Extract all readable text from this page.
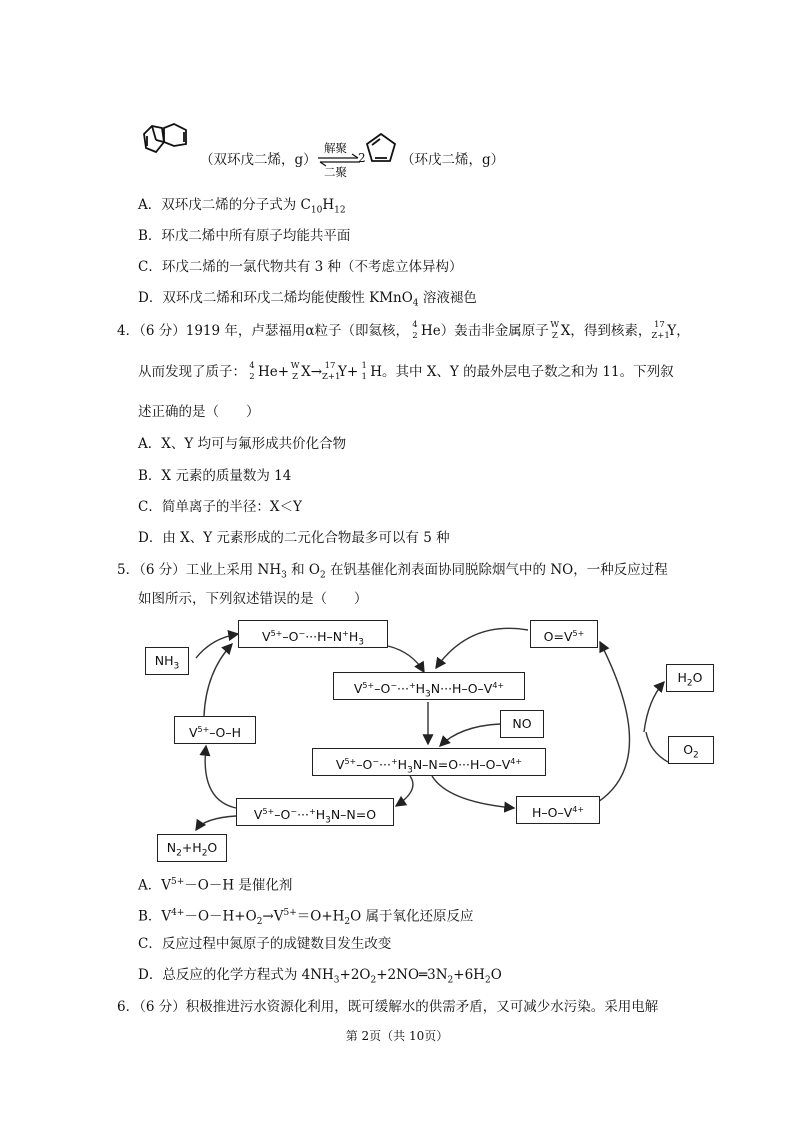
（双环戊二烯，g）
解聚
二聚
2	（环戊二烯，g）
A．双环戊二烯的分子式为 $C_{10}H_{12}$
B．环戊二烯中所有原子均能共平面
C．环戊二烯的一氯代物共有 3 种（不考虑立体异构）
D．双环戊二烯和环戊二烯均能使酸性 KMnO$_4$ 溶液褪色
4．（6 分）1919 年，卢瑟福用α粒子（即氦核， 4
2 He）轰击非金属原子 W
Z X，得到核素， 17
Z+1
Y，
从而发现了质子： 4
2 He+ W
Z X→ 17
Z+1
Y+ 1
1 H。其中 X、Y 的最外层电子数之和为 11。下列叙
述正确的是（　　）
A．X、Y 均可与氟形成共价化合物
B．X 元素的质量数为 14
C．简单离子的半径：X＜Y
D．由 X、Y 元素形成的二元化合物最多可以有 5 种
5．（6 分）工业上采用 $NH_3$ 和 $O_2$ 在钒基催化剂表面协同脱除烟气中的 NO，一种反应过程
如图所示，下列叙述错误的是（　　）
$NH_3$
$V^{5+}-O^-\cdot\cdot\cdot H-N^+H_3$
$V^{5+}-O^-\cdot\cdot\cdot^+H_3N\cdot\cdot\cdot H-O-V^{4+}$
NO
$V^{5+}-O^-\cdot\cdot\cdot^+H_3N-N=O\cdot\cdot\cdot H-O-V^{4+}$
$V^{5+}-O^-\cdot\cdot\cdot^+H_3N-N=O$
$V^{5+}-O-H$
$N_2+H_2O$
$O=V^{5+}$
$H_2O$
$O_2$
$H-O-V^{4+}$
A．$V^{5+}-O-H$ 是催化剂
B．$V^{4+}-O-H+O_2\to V^{5+}=O+H_2O$ 属于氧化还原反应
C．反应过程中氮原子的成键数目发生改变
D．总反应的化学方程式为 $4NH_3+2O_2+2NO═3N_2+6H_2O$
6．（6 分）积极推进污水资源化利用，既可缓解水的供需矛盾，又可减少水污染。采用电解
第 2页（共 10页）
